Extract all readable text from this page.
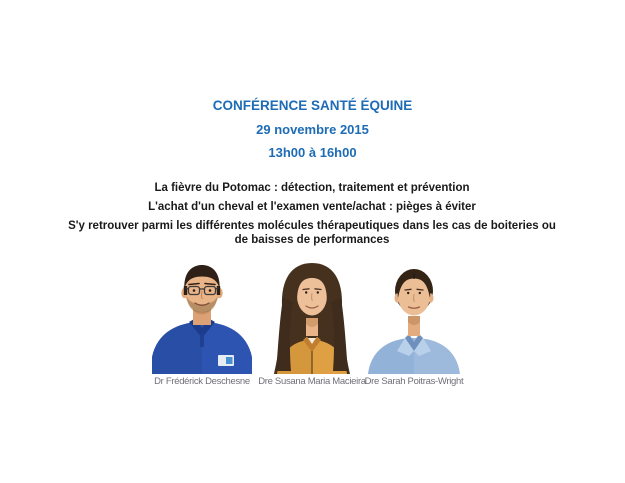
CONFÉRENCE SANTÉ ÉQUINE
29 novembre 2015
13h00 à 16h00

La fièvre du Potomac : détection, traitement et prévention

L'achat d'un cheval et l'examen vente/achat : pièges à éviter

S'y retrouver parmi les différentes molécules thérapeutiques dans les cas de boiteries ou de baisses de performances

Dr Frédérick Deschesne Dre Susana Maria Macieira
Dre Sarah Poitras-Wright
